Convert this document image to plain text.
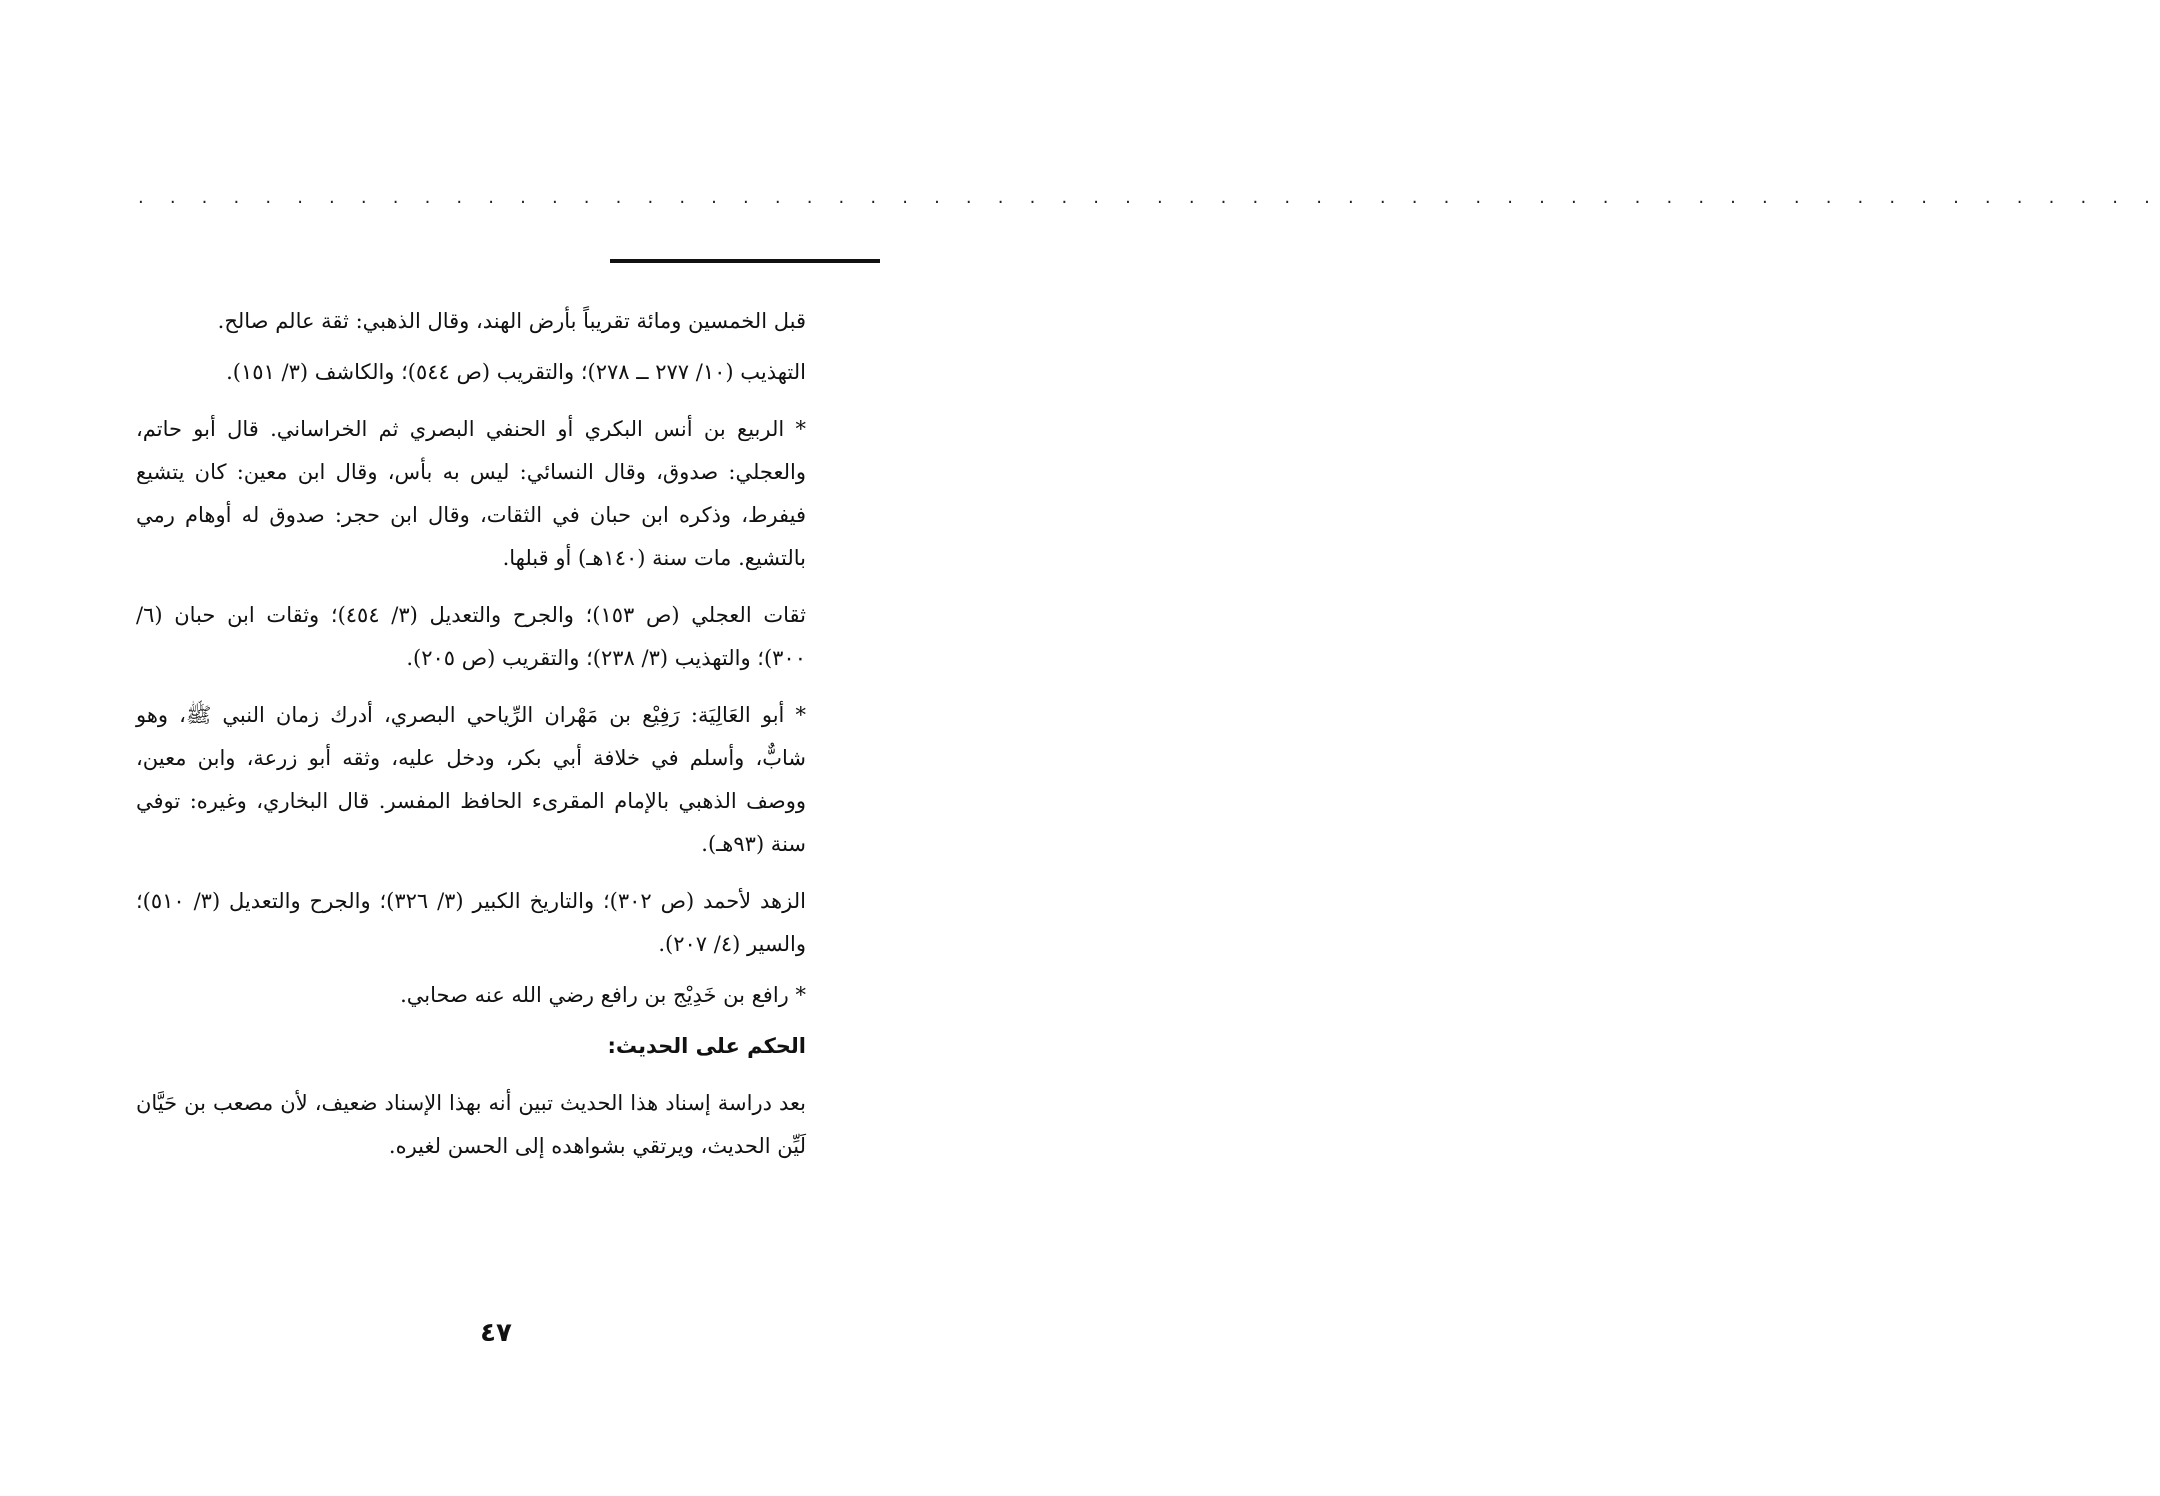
. . . . . . . . . . . . . . . . . . . . . . . . . . . . . . . . . . . . . . . . . . . . . . . . . . . . . . . . . . . . . . . .

قبل الخمسين ومائة تقريباً بأرض الهند، وقال الذهبي: ثقة عالم صالح.

التهذيب (١٠/ ٢٧٧ ــ ٢٧٨)؛ والتقريب (ص ٥٤٤)؛ والكاشف (٣/ ١٥١).

* الربيع بن أنس البكري أو الحنفي البصري ثم الخراساني. قال أبو حاتم، والعجلي: صدوق، وقال النسائي: ليس به بأس، وقال ابن معين: كان يتشيع فيفرط، وذكره ابن حبان في الثقات، وقال ابن حجر: صدوق له أوهام رمي بالتشيع. مات سنة (١٤٠هـ) أو قبلها.

ثقات العجلي (ص ١٥٣)؛ والجرح والتعديل (٣/ ٤٥٤)؛ وثقات ابن حبان (٦/ ٣٠٠)؛ والتهذيب (٣/ ٢٣٨)؛ والتقريب (ص ٢٠٥).

* أبو العَالِيَة: رَفِيْع بن مَهْران الرِّياحي البصري، أدرك زمان النبي ﷺ، وهو شابٌّ، وأسلم في خلافة أبي بكر، ودخل عليه، وثقه أبو زرعة، وابن معين، ووصف الذهبي بالإمام المقرىء الحافظ المفسر. قال البخاري، وغيره: توفي سنة (٩٣هـ).

الزهد لأحمد (ص ٣٠٢)؛ والتاريخ الكبير (٣/ ٣٢٦)؛ والجرح والتعديل (٣/ ٥١٠)؛ والسير (٤/ ٢٠٧).

* رافع بن خَدِيْج بن رافع رضي الله عنه صحابي.

الحكم على الحديث:

بعد دراسة إسناد هذا الحديث تبين أنه بهذا الإسناد ضعيف، لأن مصعب بن حَيَّان لَيِّن الحديث، ويرتقي بشواهده إلى الحسن لغيره.

٤٧
